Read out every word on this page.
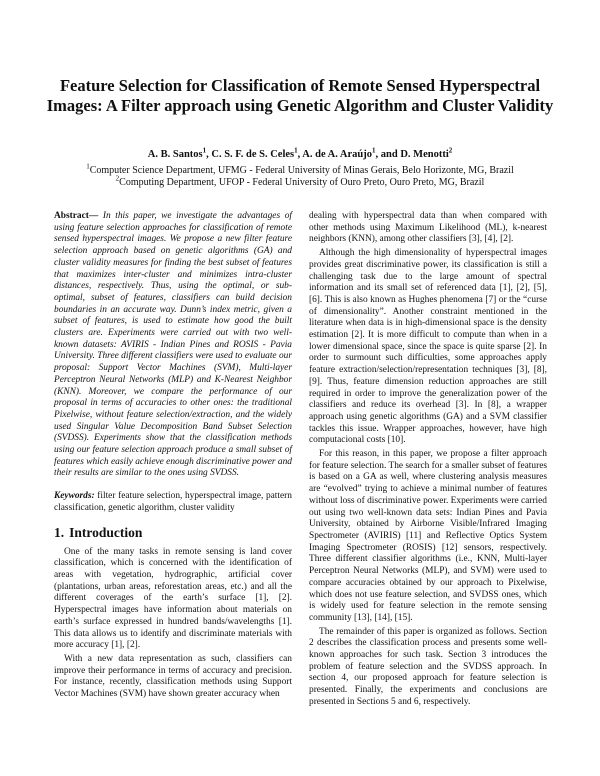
Feature Selection for Classification of Remote Sensed Hyperspectral Images: A Filter approach using Genetic Algorithm and Cluster Validity
A. B. Santos$^1$, C. S. F. de S. Celes$^1$, A. de A. Araújo$^1$, and D. Menotti$^2$
$^1$Computer Science Department, UFMG - Federal University of Minas Gerais, Belo Horizonte, MG, Brazil
$^2$Computing Department, UFOP - Federal University of Ouro Preto, Ouro Preto, MG, Brazil

Abstract— In this paper, we investigate the advantages of using feature selection approaches for classification of remote sensed hyperspectral images. We propose a new filter feature selection approach based on genetic algorithms (GA) and cluster validity measures for finding the best subset of features that maximizes inter-cluster and minimizes intra-cluster distances, respectively. Thus, using the optimal, or sub-optimal, subset of features, classifiers can build decision boundaries in an accurate way. Dunn’s index metric, given a subset of features, is used to estimate how good the built clusters are. Experiments were carried out with two well-known datasets: AVIRIS - Indian Pines and ROSIS - Pavia University. Three different classifiers were used to evaluate our proposal: Support Vector Machines (SVM), Multi-layer Perceptron Neural Networks (MLP) and K-Nearest Neighbor (KNN). Moreover, we compare the performance of our proposal in terms of accuracies to other ones: the traditional Pixelwise, without feature selection/extraction, and the widely used Singular Value Decomposition Band Subset Selection (SVDSS). Experiments show that the classification methods using our feature selection approach produce a small subset of features which easily achieve enough discriminative power and their results are similar to the ones using SVDSS.

Keywords: filter feature selection, hyperspectral image, pattern classification, genetic algorithm, cluster validity

1. Introduction

One of the many tasks in remote sensing is land cover classification, which is concerned with the identification of areas with vegetation, hydrographic, artificial cover (plantations, urban areas, reforestation areas, etc.) and all the different coverages of the earth’s surface [1], [2]. Hyperspectral images have information about materials on earth’s surface expressed in hundred bands/wavelengths [1]. This data allows us to identify and discriminate materials with more accuracy [1], [2].

With a new data representation as such, classifiers can improve their performance in terms of accuracy and precision. For instance, recently, classification methods using Support Vector Machines (SVM) have shown greater accuracy when

dealing with hyperspectral data than when compared with other methods using Maximum Likelihood (ML), k-nearest neighbors (KNN), among other classifiers [3], [4], [2].

Although the high dimensionality of hyperspectral images provides great discriminative power, its classification is still a challenging task due to the large amount of spectral information and its small set of referenced data [1], [2], [5], [6]. This is also known as Hughes phenomena [7] or the “curse of dimensionality”. Another constraint mentioned in the literature when data is in high-dimensional space is the density estimation [2]. It is more difficult to compute than when in a lower dimensional space, since the space is quite sparse [2]. In order to surmount such difficulties, some approaches apply feature extraction/selection/representation techniques [3], [8], [9]. Thus, feature dimension reduction approaches are still required in order to improve the generalization power of the classifiers and reduce its overhead [3]. In [8], a wrapper approach using genetic algorithms (GA) and a SVM classifier tackles this issue. Wrapper approaches, however, have high computacional costs [10].

For this reason, in this paper, we propose a filter approach for feature selection. The search for a smaller subset of features is based on a GA as well, where clustering analysis measures are “evolved” trying to achieve a minimal number of features without loss of discriminative power. Experiments were carried out using two well-known data sets: Indian Pines and Pavia University, obtained by Airborne Visible/Infrared Imaging Spectrometer (AVIRIS) [11] and Reflective Optics System Imaging Spectrometer (ROSIS) [12] sensors, respectively. Three different classifier algorithms (i.e., KNN, Multi-layer Perceptron Neural Networks (MLP), and SVM) were used to compare accuracies obtained by our approach to Pixelwise, which does not use feature selection, and SVDSS ones, which is widely used for feature selection in the remote sensing community [13], [14], [15].

The remainder of this paper is organized as follows. Section 2 describes the classification process and presents some well-known approaches for such task. Section 3 introduces the problem of feature selection and the SVDSS approach. In section 4, our proposed approach for feature selection is presented. Finally, the experiments and conclusions are presented in Sections 5 and 6, respectively.
